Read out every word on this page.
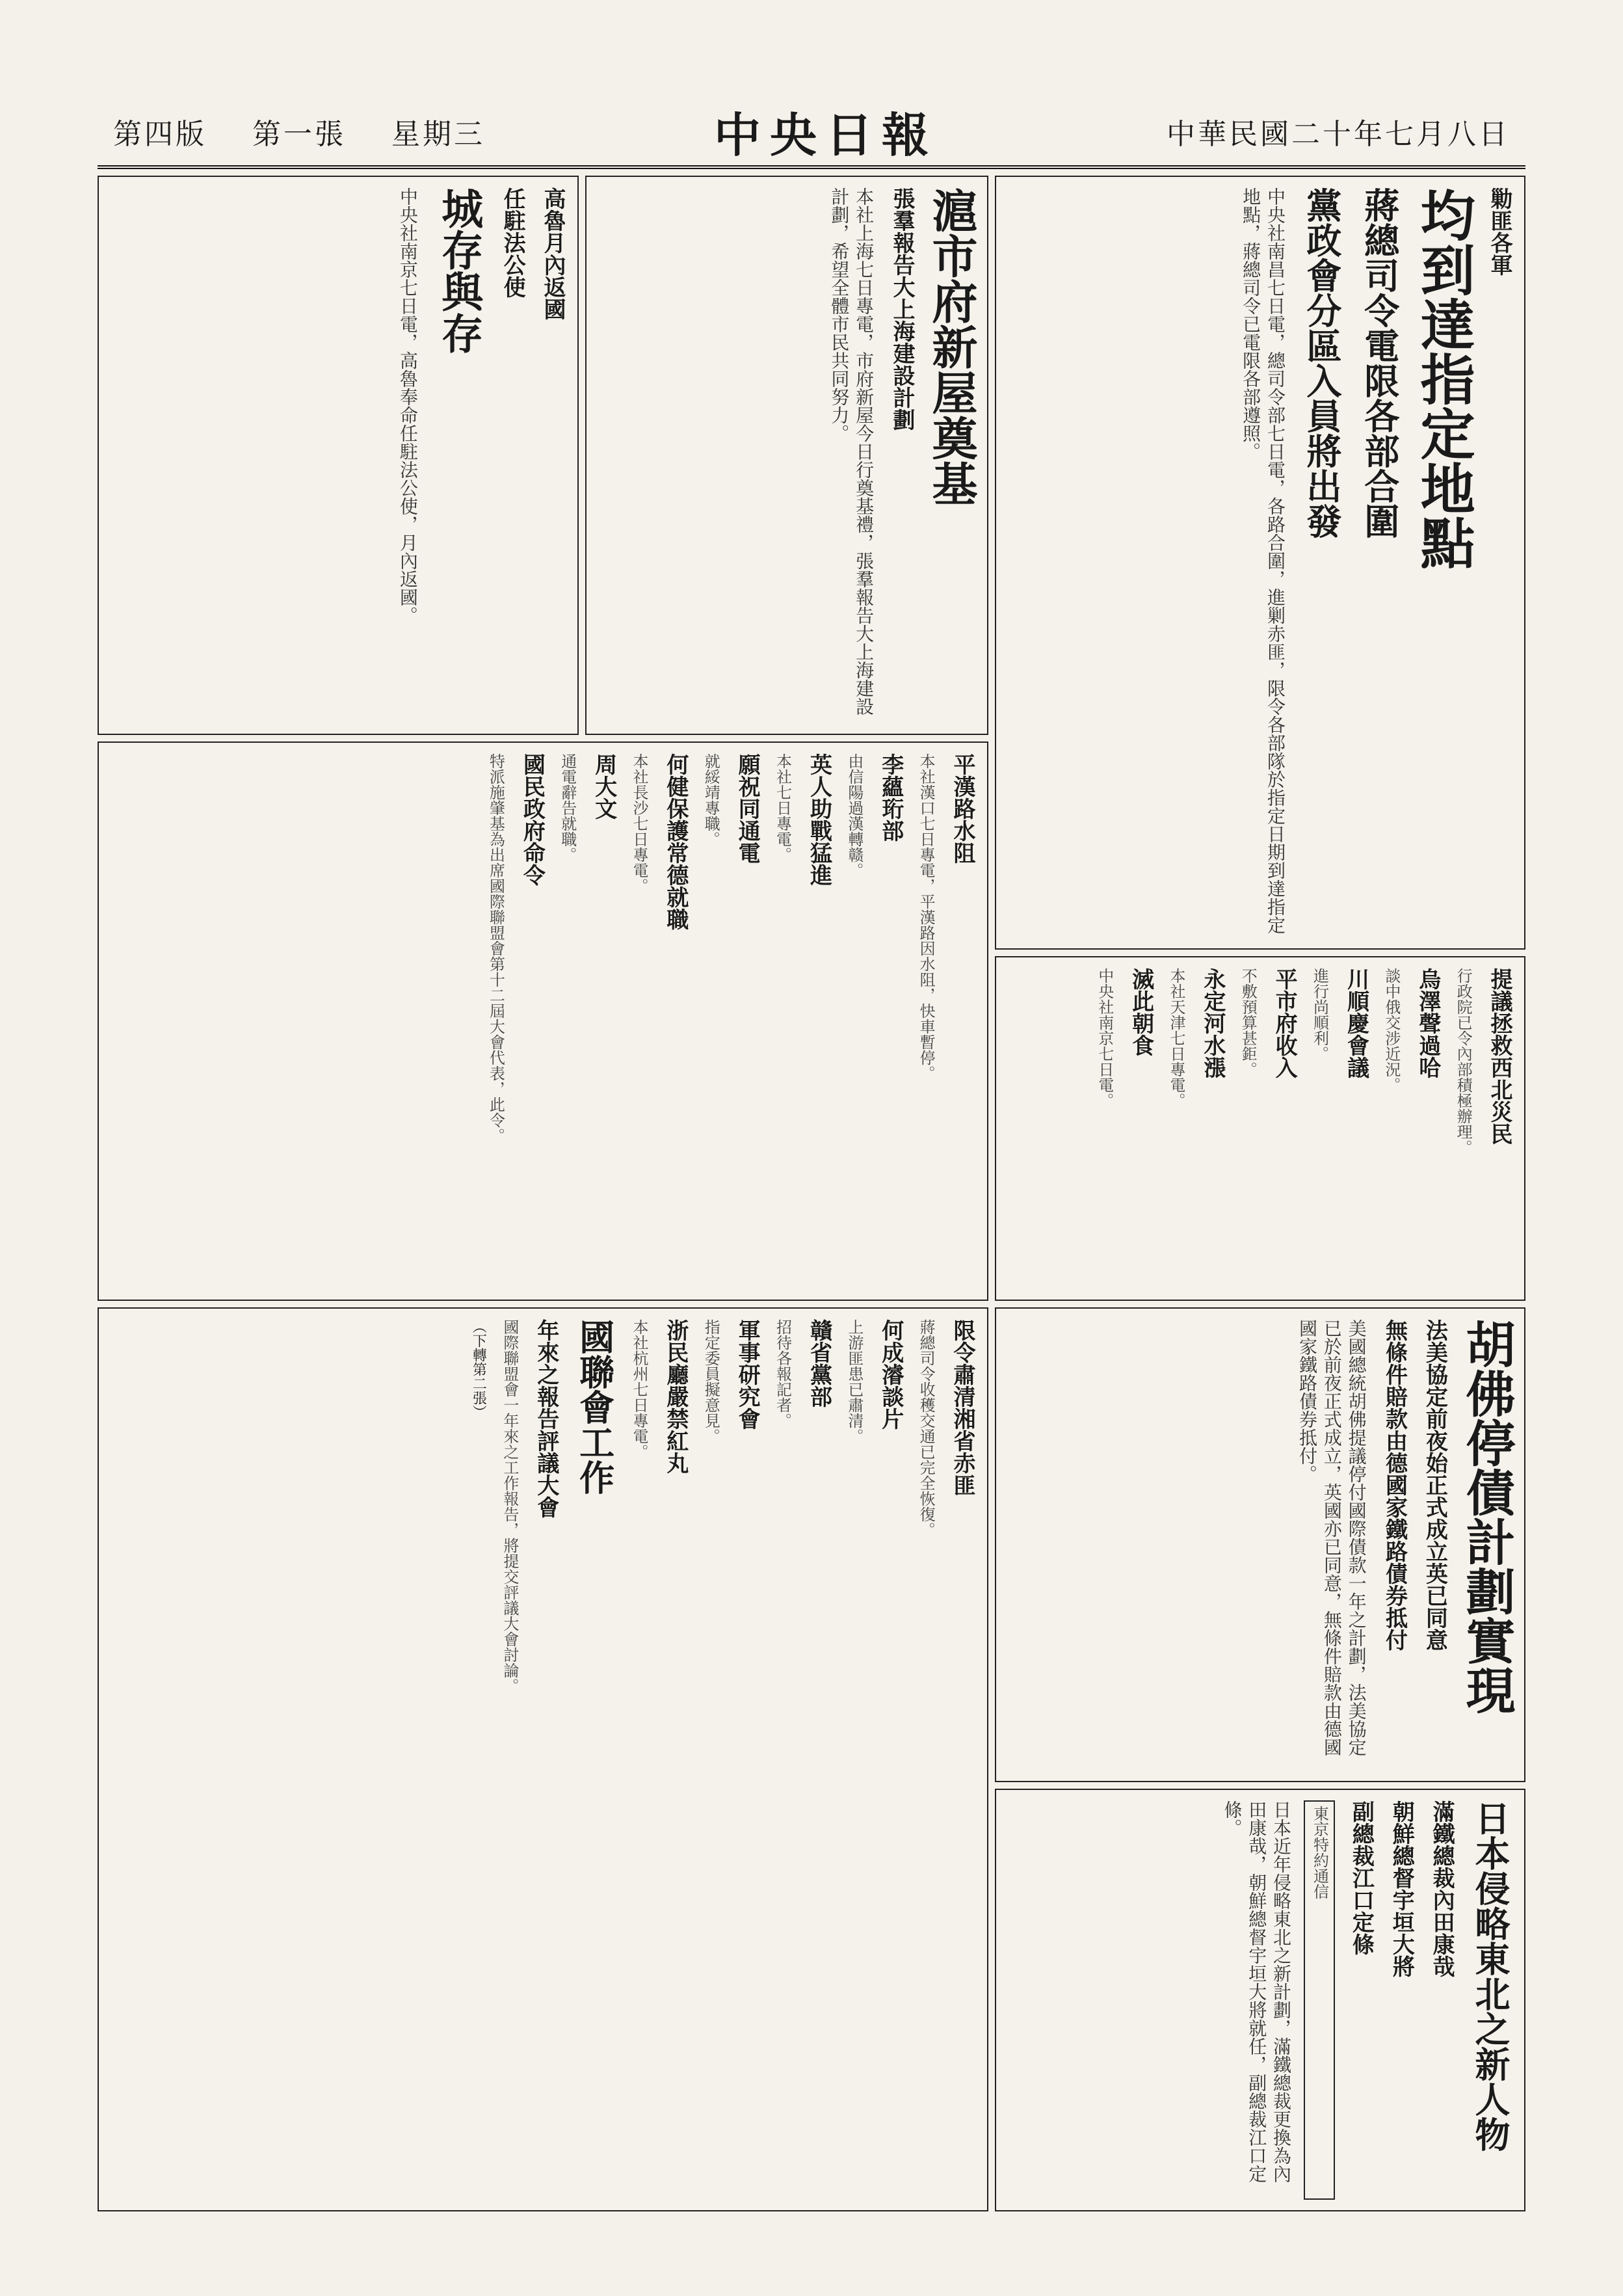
第四版 第一張 星期三	中央日報	中華民國二十年七月八日
勦匪各軍
均到達指定地點
蔣總司令電限各部合圍
黨政會分區入員將出發
中央社南昌七日電，總司令部七日電，各路合圍，進剿赤匪，限令各部隊於指定日期到達指定地點，蔣總司令已電限各部遵照。
滬市府新屋奠基
張羣報告大上海建設計劃
本社上海七日專電，市府新屋今日行奠基禮，張羣報告大上海建設計劃，希望全體市民共同努力。
高魯月內返國
任駐法公使
城存與存
中央社南京七日電，高魯奉命任駐法公使，月內返國。
平漢路水阻
本社漢口七日專電，平漢路因水阻，快車暫停。
李蘊珩部
由信陽過漢轉赣。
英人助戰猛進
本社七日專電。
願祝同通電
就綏靖專職。
何健保護常德就職
本社長沙七日專電。
周大文
通電辭告就職。
國民政府命令
特派施肇基為出席國際聯盟會第十二屆大會代表，此令。	提議拯救西北災民
行政院已令內部積極辦理。
烏澤聲過哈
談中俄交涉近況。
川順慶會議
進行尚順利。
平市府收入
不敷預算甚鉅。
永定河水漲
本社天津七日專電。
滅此朝食
中央社南京七日電。
限令肅清湘省赤匪
蔣總司令收穫交通已完全恢復。
何成濬談片
上游匪患已肅清。
贛省黨部
招待各報記者。
軍事研究會
指定委員擬意見。
浙民廳嚴禁紅丸
本社杭州七日專電。
國聯會工作
年來之報告評議大會
國際聯盟會一年來之工作報告，將提交評議大會討論。
（下轉第二張）	胡佛停債計劃實現
法美協定前夜始正式成立英已同意
無條件賠款由德國家鐵路債券抵付
美國總統胡佛提議停付國際債款一年之計劃，法美協定已於前夜正式成立，英國亦已同意，無條件賠款由德國國家鐵路債券抵付。
日本侵略東北之新人物
滿鐵總裁內田康哉
朝鮮總督宇垣大將
副總裁江口定條
東京特約通信
日本近年侵略東北之新計劃，滿鐵總裁更換為內田康哉，朝鮮總督宇垣大將就任，副總裁江口定條。
